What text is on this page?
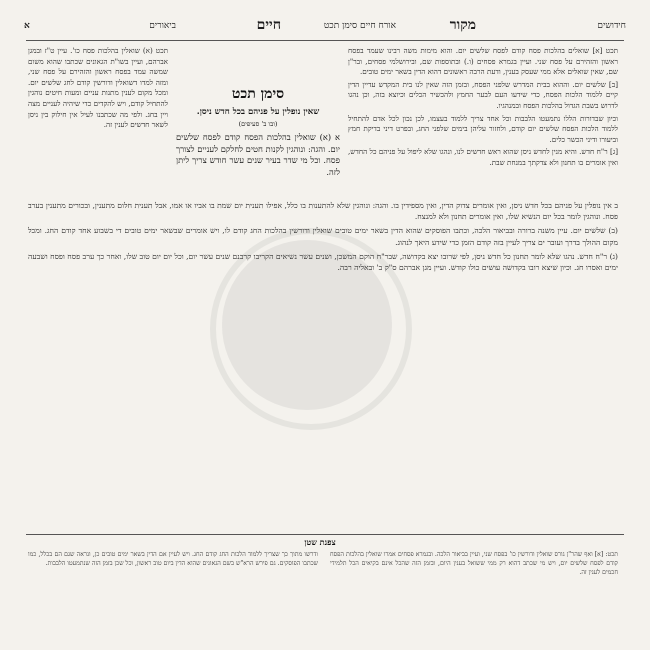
חידושים
מקור
אורח חיים סימן תכט
חיים
ביאורים
א

תכט [א] שואלים בהלכות פסח קודם לפסח שלשים יום. והוא מימות משה רבינו שעמד בפסח ראשון והזהירם על פסח שני. ועיין בגמרא פסחים (ו.) ובתוספות שם, ובירושלמי פסחים, ובר"ן שם, שאין שואלים אלא ממי שעסק בענין, ודעת הרבה ראשונים דהוא הדין בשאר ימים טובים.

[ב] שלשים יום. וההוא בבית המדרש שלפני הפסח, ובזמן הזה שאין לנו בית המקדש עדיין הדין קיים ללמוד הלכות הפסח, כדי שידעו העם לבער החמץ ולהכשיר הכלים וכיוצא בזה, וכן נהגו לדרוש בשבת הגדול בהלכות הפסח ובמנהגיו.

וכיון שבדורות הללו נתמעטו הלבבות וכל אחד צריך ללמוד בעצמו, לכן נכון לכל אדם להתחיל ללמוד הלכות הפסח שלשים יום קודם, ולחזור עליהן בימים שלפני החג, ובפרט דיני בדיקת חמץ וביעורו ודיני הכשר כלים.

[ג] ר"ח חדש. והיא מנין לחדש ניסן שהוא ראש חדשים לנו, ונהגו שלא ליפול על פניהם כל החדש, ואין אומרים בו תחנון ולא צדקתך במנחת שבת.

תכט (א) שואלין בהלכות פסח כו'. עיין ט"ז ובמגן אברהם, ועיין בשו"ת הגאונים שכתבו שהוא משום שמשה עמד בפסח ראשון והזהירם על פסח שני, ומזה למדו דשואלין ודורשין קודם לחג שלשים יום. ומכל מקום לענין מתנות עניים ומעות חיטים נוהגין להתחיל קודם, ויש להקדים כדי שיהיה לעניים מצה ויין בחג. ולפי מה שכתבנו לעיל אין חילוק בין ניסן לשאר חדשים לענין זה.

סימן תכט
שאין נופלין על פניהם בכל חדש ניסן.
(ובו ב' סעיפים)
א (א) שואלין בהלכות הפסח קודם לפסח שלשים יום. והגה: ונוהגין לקנות חטים לחלקם לעניים לצורך פסח. וכל מי שדר בעיר שנים עשר חודש צריך ליתן לזה.

ב אין נופלין על פניהם בכל חדש ניסן, ואין אומרים צדוק הדין, ואין מספידין בו. והגה: ונוהגין שלא להתענות בו כלל, אפילו תענית יום שמת בו אביו או אמו, אבל תענית חלום מתענין, ובכורים מתענין בערב פסח. ונוהגין לומר בכל יום הנשיא שלו, ואין אומרים תחנון ולא למנצח.

(ב) שלשים יום. עיין משנה ברורה ובביאור הלכה, וכתבו הפוסקים שהוא הדין בשאר ימים טובים שואלין ודורשין בהלכות החג קודם לו, ויש אומרים שבשאר ימים טובים די בשבוע אחד קודם החג. ומכל מקום ההולך בדרך ועובר ים צריך לעיין בזה קודם הזמן כדי שידע היאך לנהוג.

(ג) ר"ח חדש. נהגו שלא לומר תחנון כל חדש ניסן, לפי שרובו יצא בקדושה, שבר"ח הוקם המשכן, ושנים עשר נשיאים הקריבו קרבנם שנים עשר יום, וכל יום יום טוב שלו, ואחר כך ערב פסח ופסח ושבעה ימים ואסרו חג. וכיון שיצא רובו בקדושה עושים כולו קודש. ועיין מגן אברהם ס"ק ב' ובאליה רבה.

צפנת שטן
תכט: [א] ואף שהר"ן גורס שואלין ודורשין כו' בפסח שני, ועיין בביאור הלכה. ובגמרא פסחים אמרו שואלין בהלכות הפסח קודם לפסח שלשים יום, ויש מי שכתב דהוא רק ממי ששואל בענין היום, ובזמן הזה שהכל אינם בקיאים הכל תלמידי חכמים לענין זה.
ודרשו מתוך כך שצריך ללמוד הלכות החג קודם החג. ויש לעיין אם הדין בשאר ימים טובים כן, ונראה שגם הם בכלל, כמו שכתבו הפוסקים. גם פירש הרא"ש בשם הגאונים שהוא הדין ביום טוב ראשון, וכל שכן בזמן הזה שנתמעטו הלבבות.
